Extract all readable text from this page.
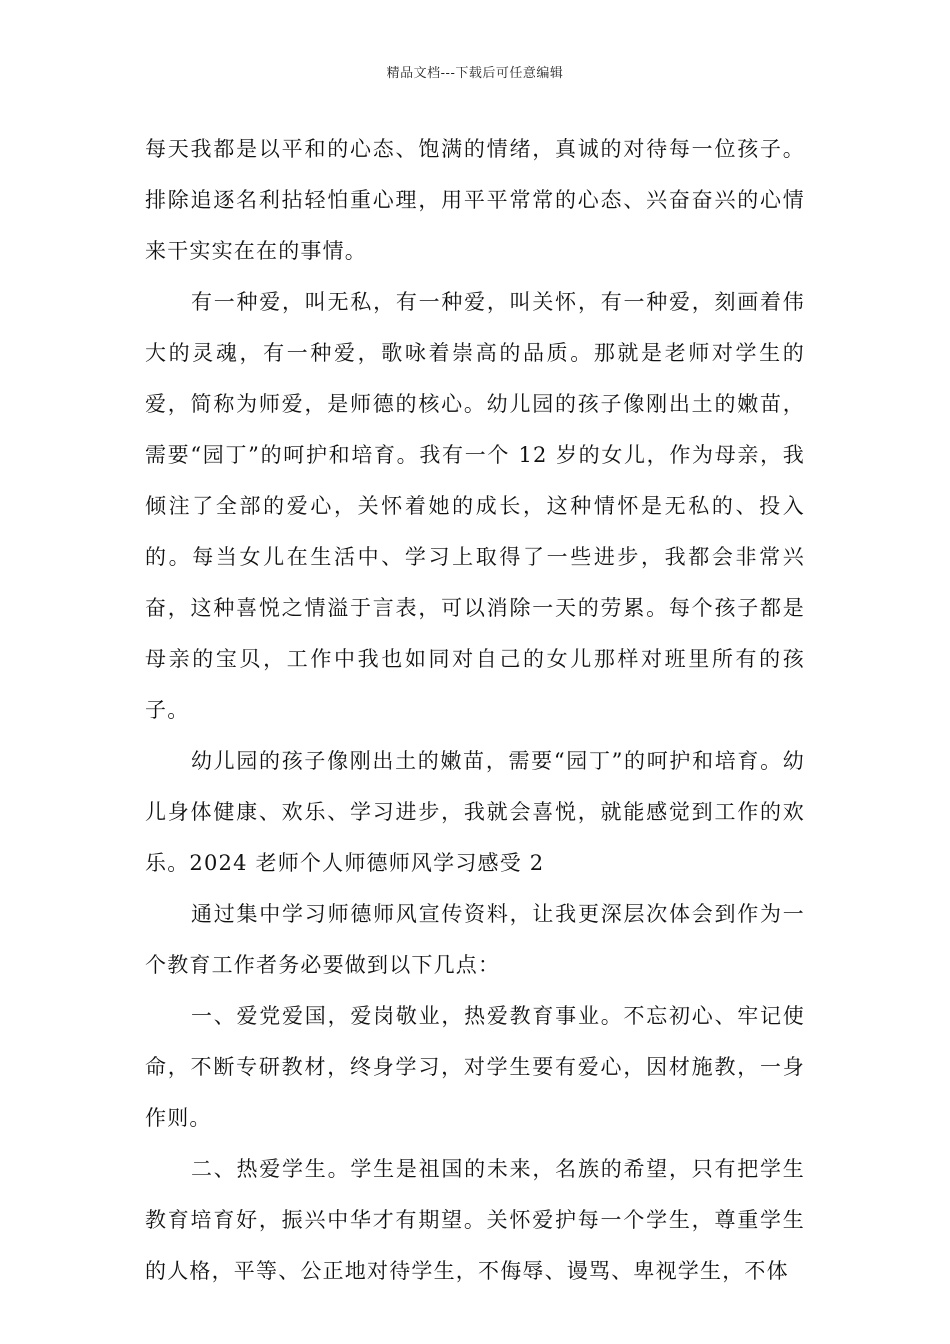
精品文档---下载后可任意编辑

每天我都是以平和的心态、饱满的情绪，真诚的对待每一位孩子。排除追逐名利拈轻怕重心理，用平平常常的心态、兴奋奋兴的心情来干实实在在的事情。

有一种爱，叫无私，有一种爱，叫关怀，有一种爱，刻画着伟大的灵魂，有一种爱，歌咏着崇高的品质。那就是老师对学生的爱，简称为师爱，是师德的核心。幼儿园的孩子像刚出土的嫩苗，需要“园丁”的呵护和培育。我有一个 12 岁的女儿，作为母亲，我倾注了全部的爱心，关怀着她的成长，这种情怀是无私的、投入的。每当女儿在生活中、学习上取得了一些进步，我都会非常兴奋，这种喜悦之情溢于言表，可以消除一天的劳累。每个孩子都是母亲的宝贝，工作中我也如同对自己的女儿那样对班里所有的孩子。

幼儿园的孩子像刚出土的嫩苗，需要“园丁”的呵护和培育。幼儿身体健康、欢乐、学习进步，我就会喜悦，就能感觉到工作的欢乐。2024 老师个人师德师风学习感受 2

通过集中学习师德师风宣传资料，让我更深层次体会到作为一个教育工作者务必要做到以下几点：

一、爱党爱国，爱岗敬业，热爱教育事业。不忘初心、牢记使命，不断专研教材，终身学习，对学生要有爱心，因材施教，一身作则。

二、热爱学生。学生是祖国的未来，名族的希望，只有把学生教育培育好，振兴中华才有期望。关怀爱护每一个学生，尊重学生的人格，平等、公正地对待学生，不侮辱、谩骂、卑视学生，不体
